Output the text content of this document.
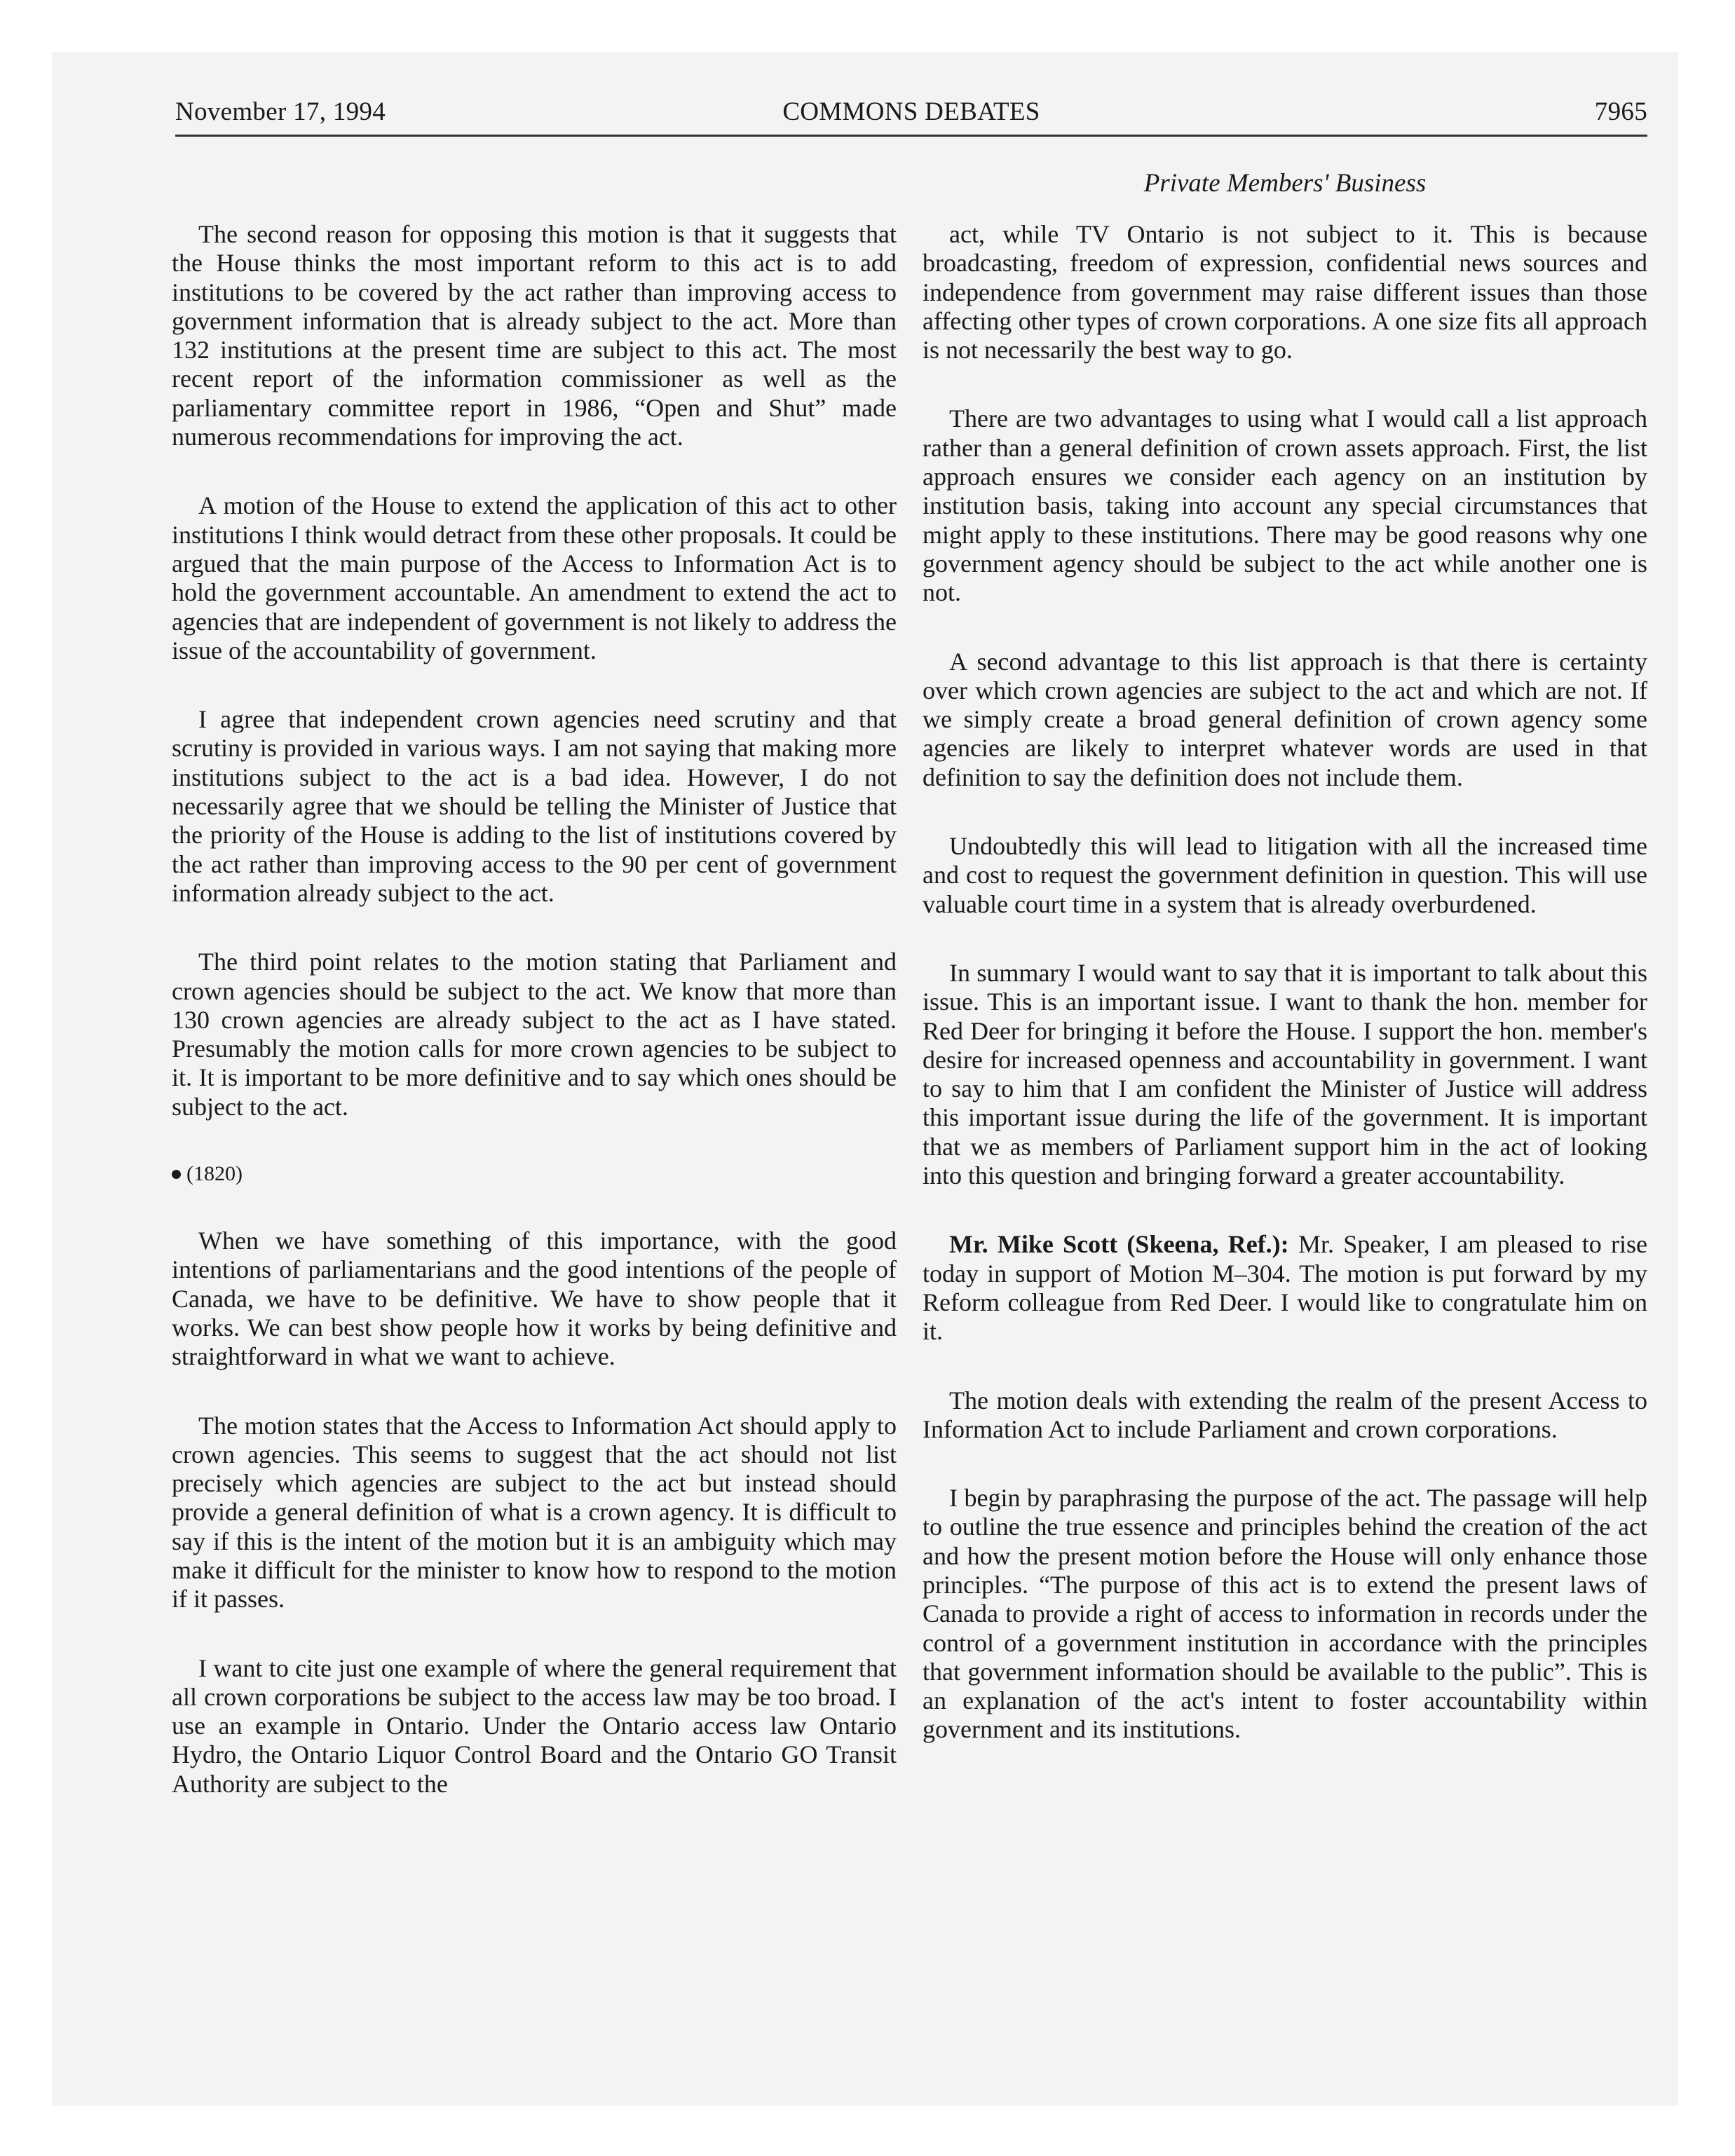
November 17, 1994	COMMONS DEBATES	7965
Private Members' Business

The second reason for opposing this motion is that it suggests that the House thinks the most important reform to this act is to add institutions to be covered by the act rather than improving access to government information that is already subject to the act. More than 132 institutions at the present time are subject to this act. The most recent report of the information commissioner as well as the parliamentary committee report in 1986, “Open and Shut” made numerous recommendations for improving the act.

A motion of the House to extend the application of this act to other institutions I think would detract from these other proposals. It could be argued that the main purpose of the Access to Information Act is to hold the government accountable. An amendment to extend the act to agencies that are independent of government is not likely to address the issue of the accountability of government.

I agree that independent crown agencies need scrutiny and that scrutiny is provided in various ways. I am not saying that making more institutions subject to the act is a bad idea. However, I do not necessarily agree that we should be telling the Minister of Justice that the priority of the House is adding to the list of institutions covered by the act rather than improving access to the 90 per cent of government information already subject to the act.

The third point relates to the motion stating that Parliament and crown agencies should be subject to the act. We know that more than 130 crown agencies are already subject to the act as I have stated. Presumably the motion calls for more crown agencies to be subject to it. It is important to be more definitive and to say which ones should be subject to the act.

(1820)

When we have something of this importance, with the good intentions of parliamentarians and the good intentions of the people of Canada, we have to be definitive. We have to show people that it works. We can best show people how it works by being definitive and straightforward in what we want to achieve.

The motion states that the Access to Information Act should apply to crown agencies. This seems to suggest that the act should not list precisely which agencies are subject to the act but instead should provide a general definition of what is a crown agency. It is difficult to say if this is the intent of the motion but it is an ambiguity which may make it difficult for the minister to know how to respond to the motion if it passes.

I want to cite just one example of where the general requirement that all crown corporations be subject to the access law may be too broad. I use an example in Ontario. Under the Ontario access law Ontario Hydro, the Ontario Liquor Control Board and the Ontario GO Transit Authority are subject to the

act, while TV Ontario is not subject to it. This is because broadcasting, freedom of expression, confidential news sources and independence from government may raise different issues than those affecting other types of crown corporations. A one size fits all approach is not necessarily the best way to go.

There are two advantages to using what I would call a list approach rather than a general definition of crown assets approach. First, the list approach ensures we consider each agency on an institution by institution basis, taking into account any special circumstances that might apply to these institutions. There may be good reasons why one government agency should be subject to the act while another one is not.

A second advantage to this list approach is that there is certainty over which crown agencies are subject to the act and which are not. If we simply create a broad general definition of crown agency some agencies are likely to interpret whatever words are used in that definition to say the definition does not include them.

Undoubtedly this will lead to litigation with all the increased time and cost to request the government definition in question. This will use valuable court time in a system that is already overburdened.

In summary I would want to say that it is important to talk about this issue. This is an important issue. I want to thank the hon. member for Red Deer for bringing it before the House. I support the hon. member's desire for increased openness and accountability in government. I want to say to him that I am confident the Minister of Justice will address this important issue during the life of the government. It is important that we as members of Parliament support him in the act of looking into this question and bringing forward a greater accountability.

Mr. Mike Scott (Skeena, Ref.): Mr. Speaker, I am pleased to rise today in support of Motion M–304. The motion is put forward by my Reform colleague from Red Deer. I would like to congratulate him on it.

The motion deals with extending the realm of the present Access to Information Act to include Parliament and crown corporations.

I begin by paraphrasing the purpose of the act. The passage will help to outline the true essence and principles behind the creation of the act and how the present motion before the House will only enhance those principles. “The purpose of this act is to extend the present laws of Canada to provide a right of access to information in records under the control of a government institution in accordance with the principles that government information should be available to the public”. This is an explanation of the act's intent to foster accountability within government and its institutions.
